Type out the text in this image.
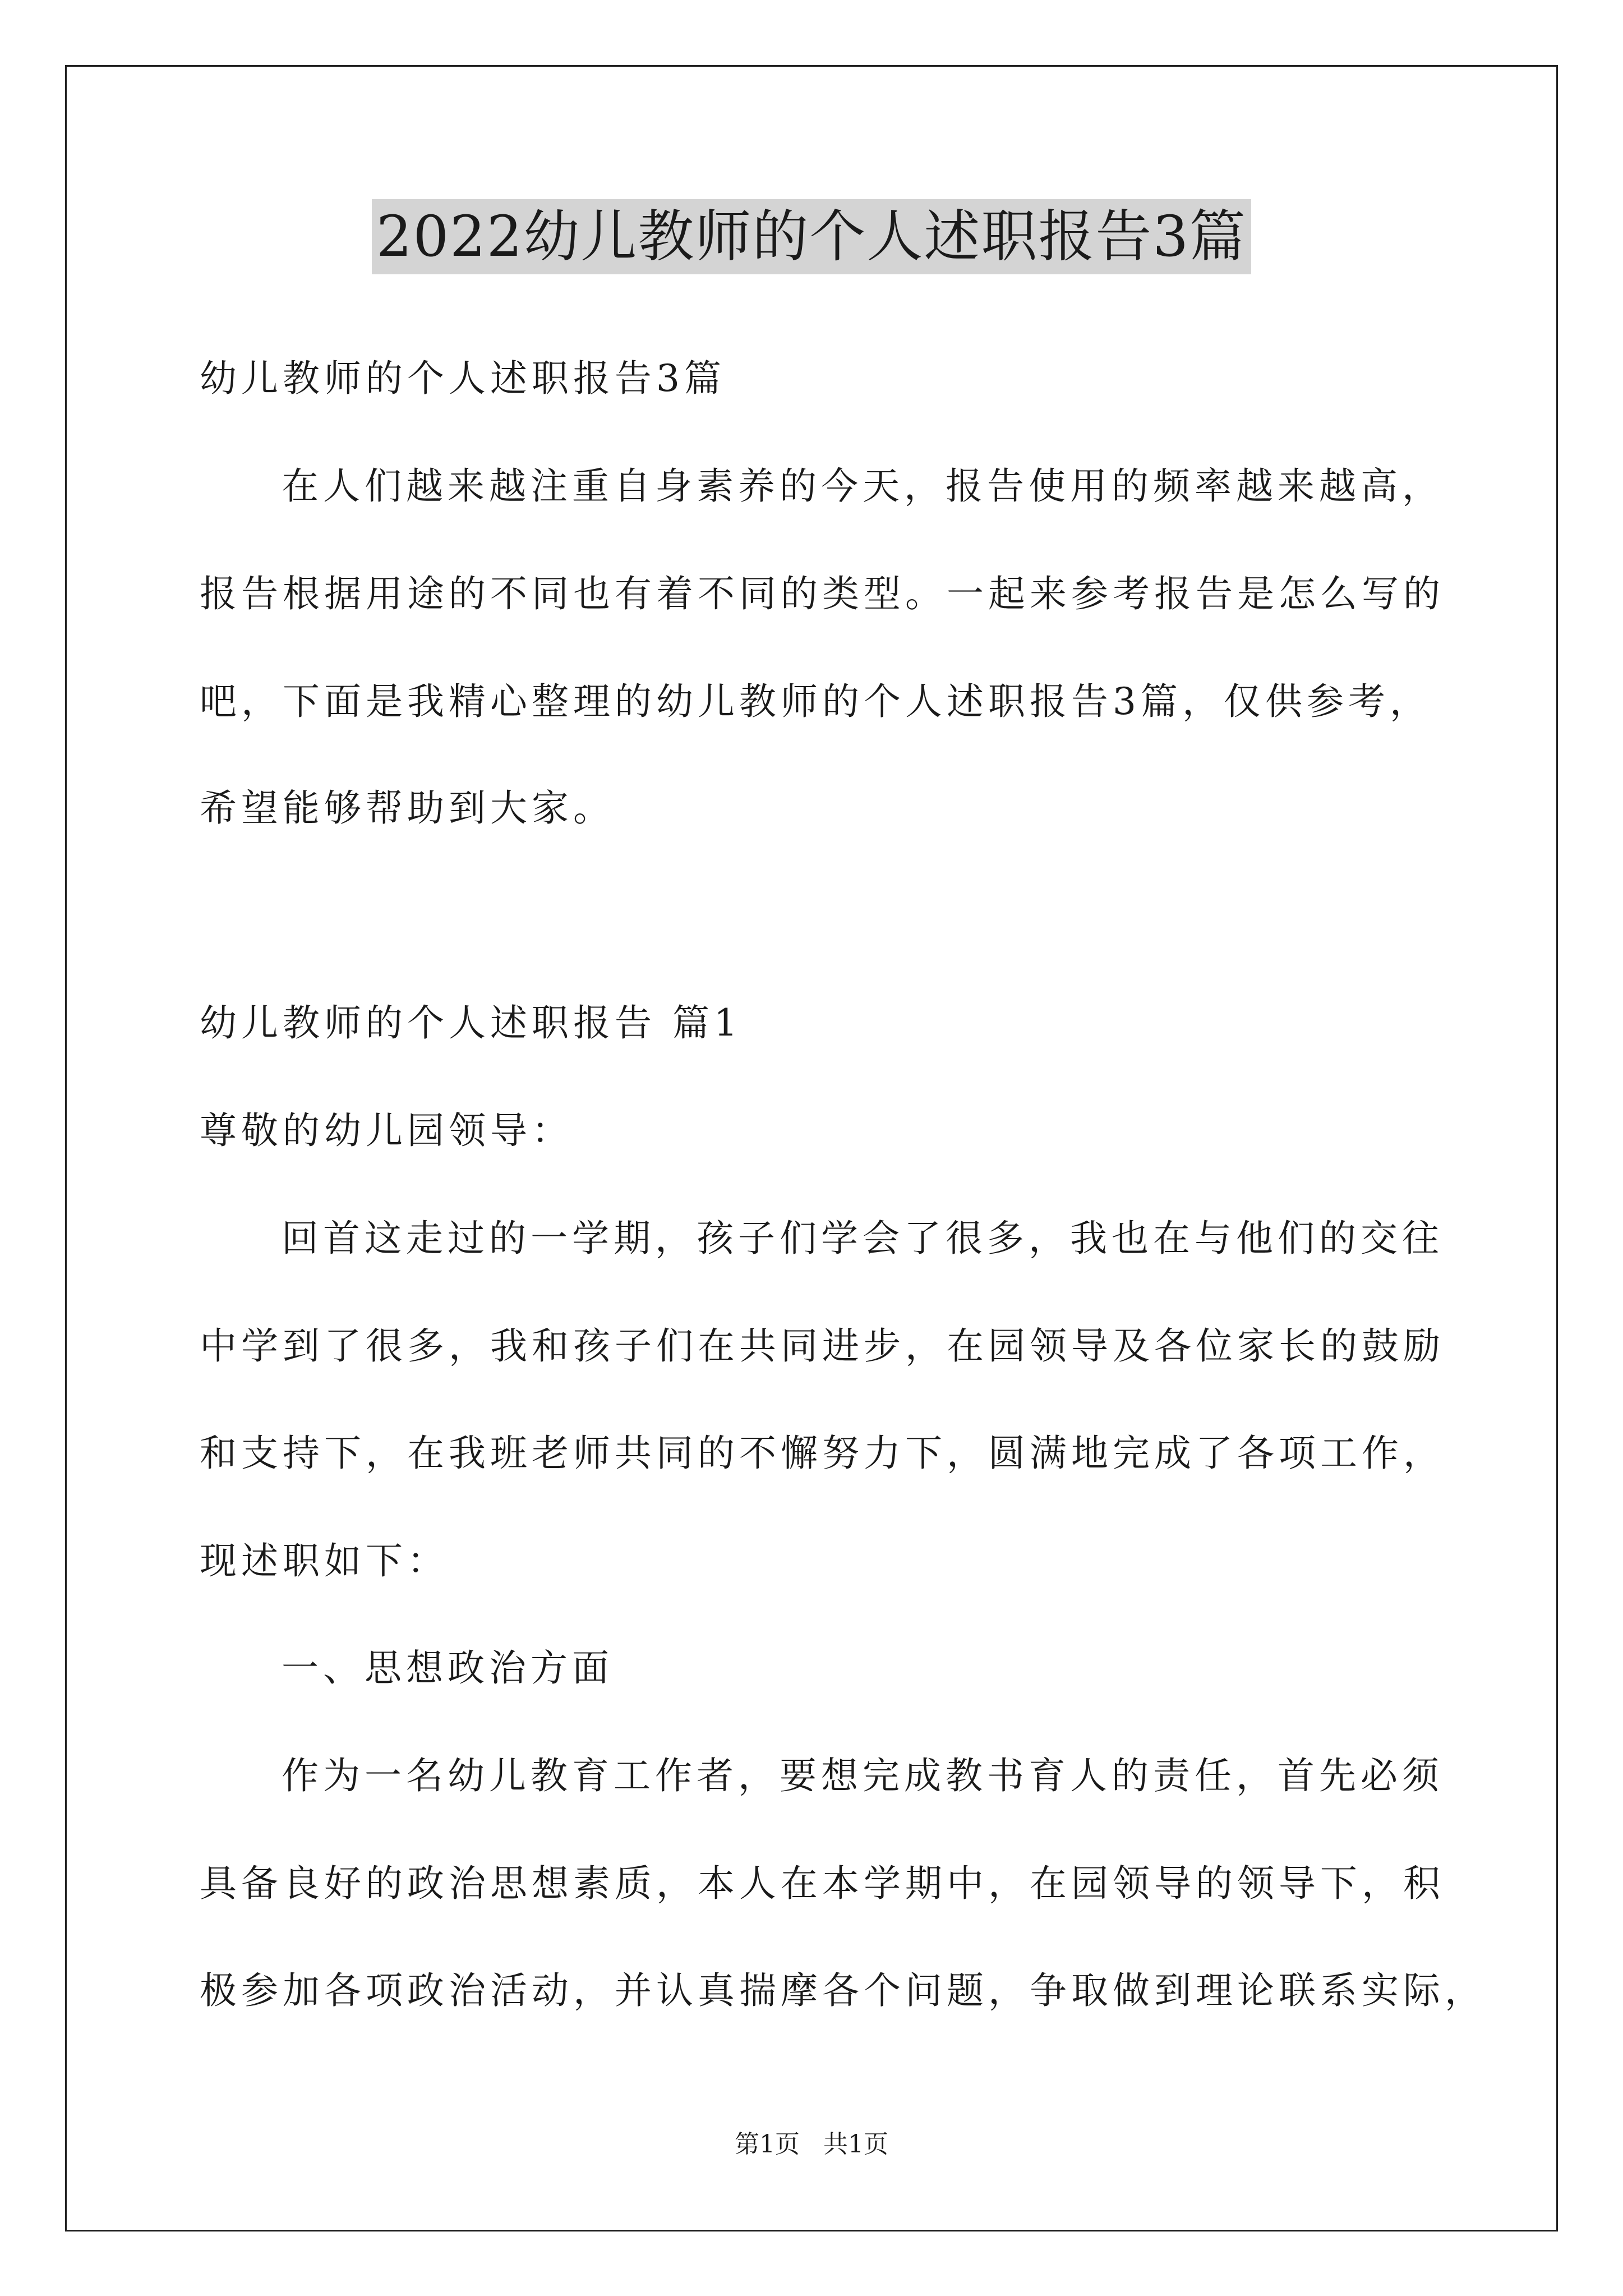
2022幼儿教师的个人述职报告3篇
幼儿教师的个人述职报告3篇
在人们越来越注重自身素养的今天，报告使用的频率越来越高，
报告根据用途的不同也有着不同的类型。一起来参考报告是怎么写的
吧，下面是我精心整理的幼儿教师的个人述职报告3篇，仅供参考，
希望能够帮助到大家。
幼儿教师的个人述职报告 篇1
尊敬的幼儿园领导：
回首这走过的一学期，孩子们学会了很多，我也在与他们的交往
中学到了很多，我和孩子们在共同进步，在园领导及各位家长的鼓励
和支持下，在我班老师共同的不懈努力下，圆满地完成了各项工作，
现述职如下：
一、思想政治方面
作为一名幼儿教育工作者，要想完成教书育人的责任，首先必须
具备良好的政治思想素质，本人在本学期中，在园领导的领导下，积
极参加各项政治活动，并认真揣摩各个问题，争取做到理论联系实际，
第1页 共1页
